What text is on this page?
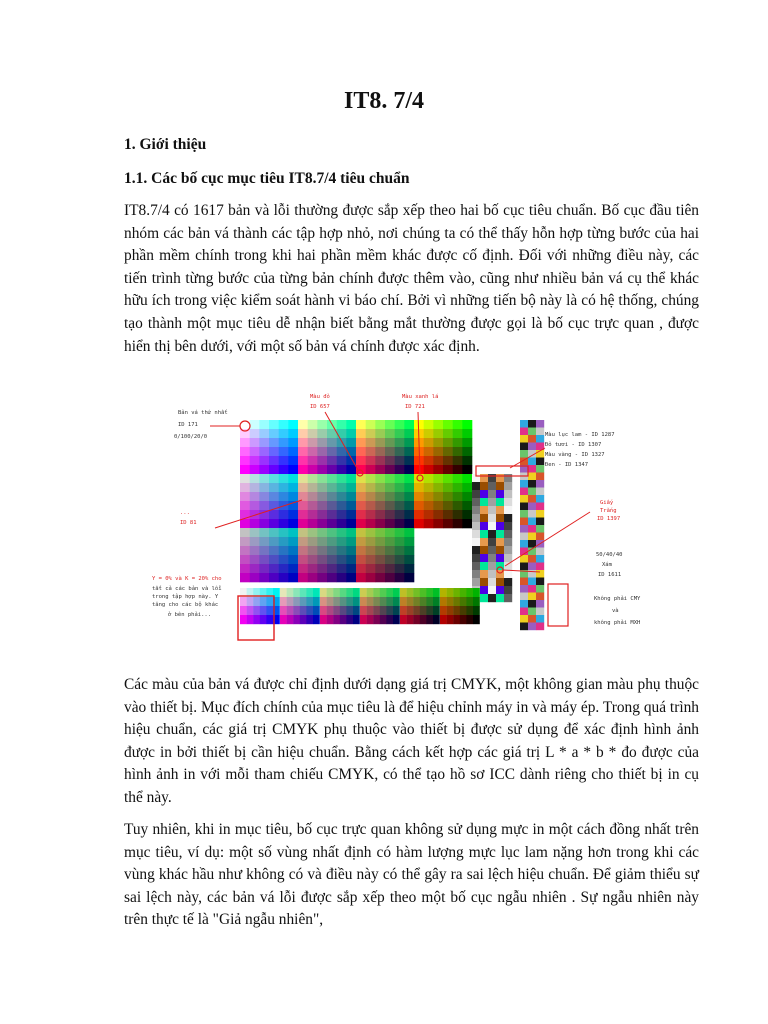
IT8. 7/4
1. Giới thiệu
1.1. Các bố cục mục tiêu IT8.7/4 tiêu chuẩn

IT8.7/4 có 1617 bản và lỗi thường được sắp xếp theo hai bố cục tiêu chuẩn. Bố cục đầu tiên nhóm các bản vá thành các tập hợp nhỏ, nơi chúng ta có thể thấy hỗn hợp từng bước của hai phần mềm chính trong khi hai phần mềm khác được cố định. Đối với những điều này, các tiến trình từng bước của từng bản chính được thêm vào, cũng như nhiều bản vá cụ thể khác hữu ích trong việc kiểm soát hành vi báo chí. Bởi vì những tiến bộ này là có hệ thống, chúng tạo thành một mục tiêu dễ nhận biết bằng mắt thường được gọi là bố cục trực quan , được hiển thị bên dưới, với một số bản vá chính được xác định.

Bản vá thứ nhất
ID 171
0/100/20/0
Màu đỏ
ID 657
Màu xanh lá
ID 721
Màu lục lam - ID 1287
Đỏ tươi - ID 1307
Màu vàng - ID 1327
Đen - ID 1347
...
ID 81
Giấy
Trắng
ID 1397
50/40/40
Xám
ID 1611
Y = 0% và K = 20% cho
tất cả các bản và lỗi
trong tập hợp này. Y
tăng cho các bộ khác
ở bên phải...
Không phải CMY
và
không phải MXH

Các màu của bản vá được chỉ định dưới dạng giá trị CMYK, một không gian màu phụ thuộc vào thiết bị. Mục đích chính của mục tiêu là để hiệu chỉnh máy in và máy ép. Trong quá trình hiệu chuẩn, các giá trị CMYK phụ thuộc vào thiết bị được sử dụng để xác định hình ảnh được in bởi thiết bị cần hiệu chuẩn. Bằng cách kết hợp các giá trị L * a * b * đo được của hình ảnh in với mỗi tham chiếu CMYK, có thể tạo hồ sơ ICC dành riêng cho thiết bị in cụ thể này.

Tuy nhiên, khi in mục tiêu, bố cục trực quan không sử dụng mực in một cách đồng nhất trên mục tiêu, ví dụ: một số vùng nhất định có hàm lượng mực lục lam nặng hơn trong khi các vùng khác hầu như không có và điều này có thể gây ra sai lệch hiệu chuẩn. Để giảm thiểu sự sai lệch này, các bản vá lỗi được sắp xếp theo một bố cục ngẫu nhiên . Sự ngẫu nhiên này trên thực tế là "Giả ngẫu nhiên",
